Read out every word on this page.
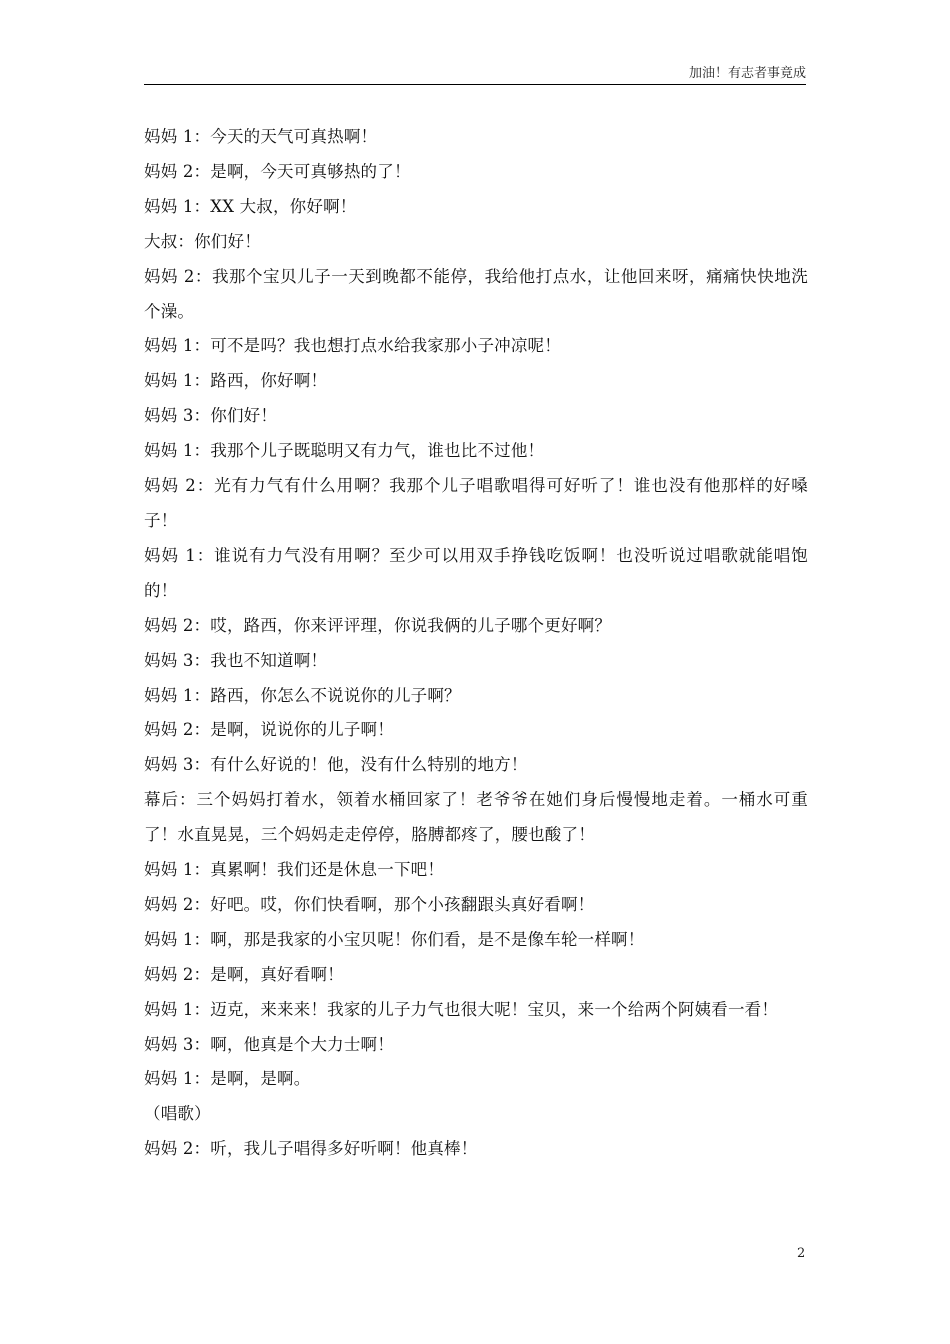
加油！有志者事竟成

妈妈 1：今天的天气可真热啊！

妈妈 2：是啊，今天可真够热的了！

妈妈 1：XX 大叔，你好啊！

大叔：你们好！

妈妈 2：我那个宝贝儿子一天到晚都不能停，我给他打点水，让他回来呀，痛痛快快地洗个澡。

妈妈 1：可不是吗？我也想打点水给我家那小子冲凉呢！

妈妈 1：路西，你好啊！

妈妈 3：你们好！

妈妈 1：我那个儿子既聪明又有力气，谁也比不过他！

妈妈 2：光有力气有什么用啊？我那个儿子唱歌唱得可好听了！谁也没有他那样的好嗓子！

妈妈 1：谁说有力气没有用啊？至少可以用双手挣钱吃饭啊！也没听说过唱歌就能唱饱的！

妈妈 2：哎，路西，你来评评理，你说我俩的儿子哪个更好啊？

妈妈 3：我也不知道啊！

妈妈 1：路西，你怎么不说说你的儿子啊？

妈妈 2：是啊，说说你的儿子啊！

妈妈 3：有什么好说的！他，没有什么特别的地方！

幕后：三个妈妈打着水，领着水桶回家了！老爷爷在她们身后慢慢地走着。一桶水可重了！水直晃晃，三个妈妈走走停停，胳膊都疼了，腰也酸了！

妈妈 1：真累啊！我们还是休息一下吧！

妈妈 2：好吧。哎，你们快看啊，那个小孩翻跟头真好看啊！

妈妈 1：啊，那是我家的小宝贝呢！你们看，是不是像车轮一样啊！

妈妈 2：是啊，真好看啊！

妈妈 1：迈克，来来来！我家的儿子力气也很大呢！宝贝，来一个给两个阿姨看一看！

妈妈 3：啊，他真是个大力士啊！

妈妈 1：是啊，是啊。

（唱歌）

妈妈 2：听，我儿子唱得多好听啊！他真棒！

2
